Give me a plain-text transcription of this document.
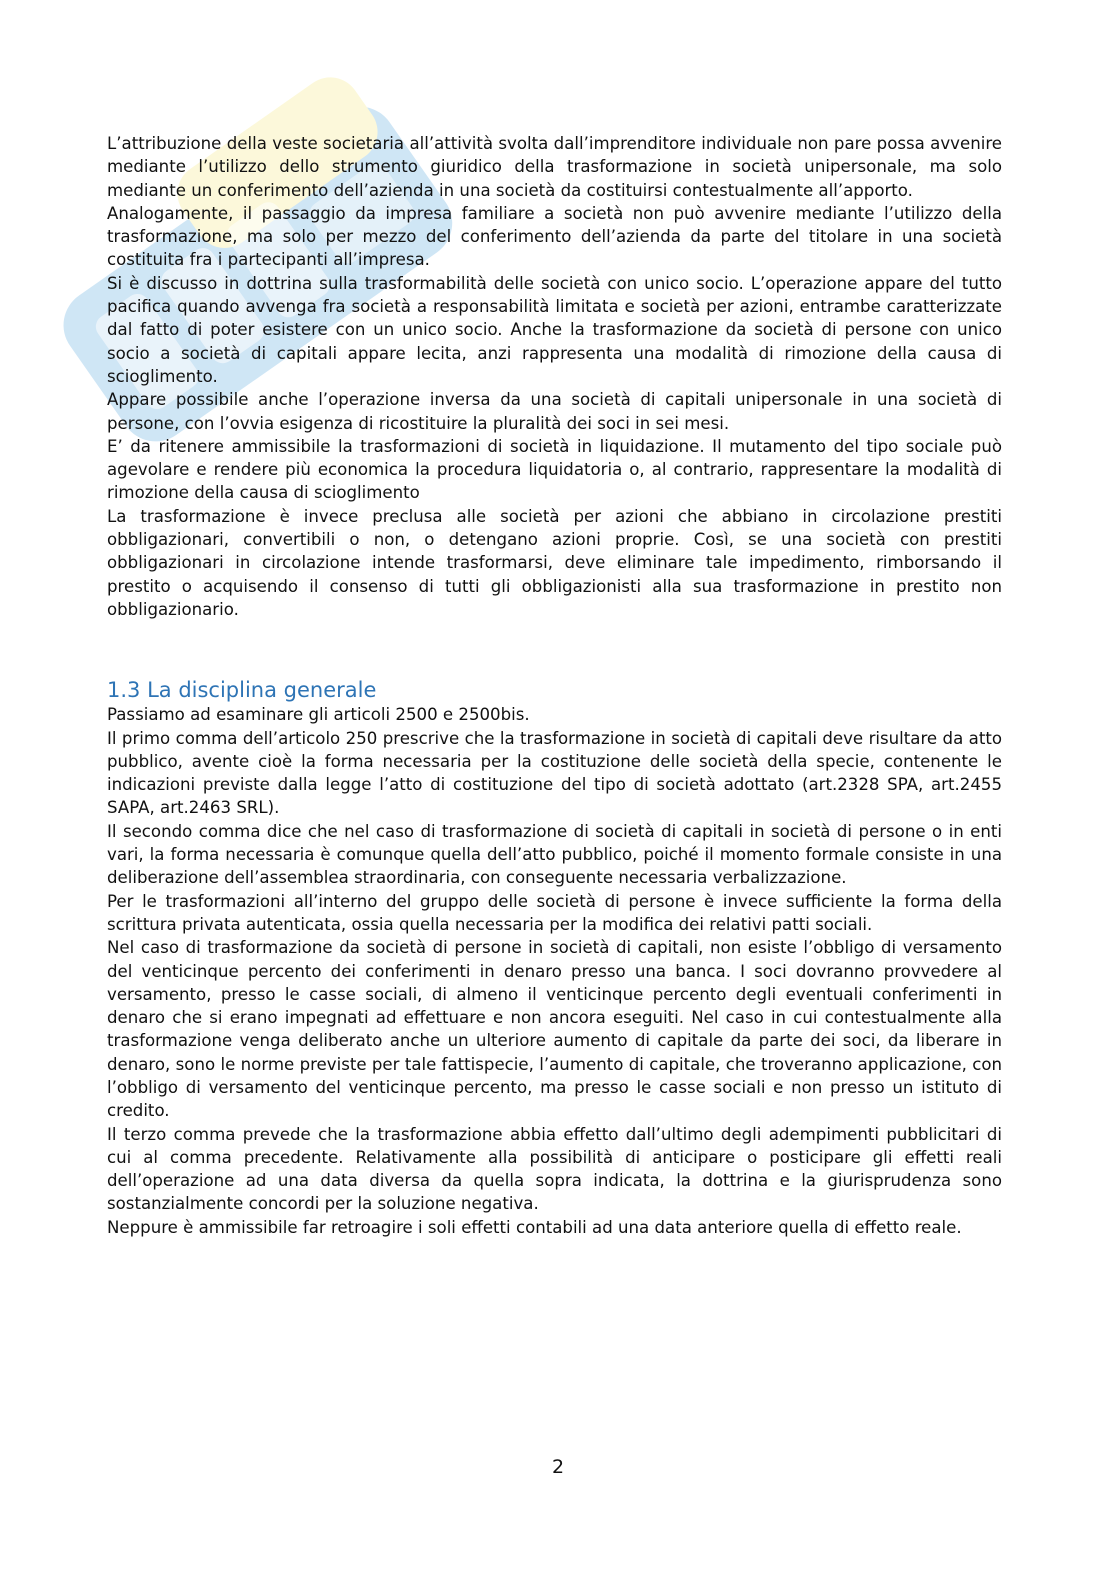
L’attribuzione della veste societaria all’attività svolta dall’imprenditore individuale non pare possa avvenire mediante l’utilizzo dello strumento giuridico della trasformazione in società unipersonale, ma solo mediante un conferimento dell’azienda in una società da costituirsi contestualmente all’apporto.

Analogamente, il passaggio da impresa familiare a società non può avvenire mediante l’utilizzo della trasformazione, ma solo per mezzo del conferimento dell’azienda da parte del titolare in una società costituita fra i partecipanti all’impresa.

Si è discusso in dottrina sulla trasformabilità delle società con unico socio. L’operazione appare del tutto pacifica quando avvenga fra società a responsabilità limitata e società per azioni, entrambe caratterizzate dal fatto di poter esistere con un unico socio. Anche la trasformazione da società di persone con unico socio a società di capitali appare lecita, anzi rappresenta una modalità di rimozione della causa di scioglimento.

Appare possibile anche l’operazione inversa da una società di capitali unipersonale in una società di persone, con l’ovvia esigenza di ricostituire la pluralità dei soci in sei mesi.

E’ da ritenere ammissibile la trasformazioni di società in liquidazione. Il mutamento del tipo sociale può agevolare e rendere più economica la procedura liquidatoria o, al contrario, rappresentare la modalità di rimozione della causa di scioglimento

La trasformazione è invece preclusa alle società per azioni che abbiano in circolazione prestiti obbligazionari, convertibili o non, o detengano azioni proprie. Così, se una società con prestiti obbligazionari in circolazione intende trasformarsi, deve eliminare tale impedimento, rimborsando il prestito o acquisendo il consenso di tutti gli obbligazionisti alla sua trasformazione in prestito non obbligazionario.

1.3 La disciplina generale

Passiamo ad esaminare gli articoli 2500 e 2500bis.

Il primo comma dell’articolo 250 prescrive che la trasformazione in società di capitali deve risultare da atto pubblico, avente cioè la forma necessaria per la costituzione delle società della specie, contenente le indicazioni previste dalla legge l’atto di costituzione del tipo di società adottato (art.2328 SPA, art.2455 SAPA, art.2463 SRL).

Il secondo comma dice che nel caso di trasformazione di società di capitali in società di persone o in enti vari, la forma necessaria è comunque quella dell’atto pubblico, poiché il momento formale consiste in una deliberazione dell’assemblea straordinaria, con conseguente necessaria verbalizzazione.

Per le trasformazioni all’interno del gruppo delle società di persone è invece sufficiente la forma della scrittura privata autenticata, ossia quella necessaria per la modifica dei relativi patti sociali.

Nel caso di trasformazione da società di persone in società di capitali, non esiste l’obbligo di versamento del venticinque percento dei conferimenti in denaro presso una banca. I soci dovranno provvedere al versamento, presso le casse sociali, di almeno il venticinque percento degli eventuali conferimenti in denaro che si erano impegnati ad effettuare e non ancora eseguiti. Nel caso in cui contestualmente alla trasformazione venga deliberato anche un ulteriore aumento di capitale da parte dei soci, da liberare in denaro, sono le norme previste per tale fattispecie, l’aumento di capitale, che troveranno applicazione, con l’obbligo di versamento del venticinque percento, ma presso le casse sociali e non presso un istituto di credito.

Il terzo comma prevede che la trasformazione abbia effetto dall’ultimo degli adempimenti pubblicitari di cui al comma precedente. Relativamente alla possibilità di anticipare o posticipare gli effetti reali dell’operazione ad una data diversa da quella sopra indicata, la dottrina e la giurisprudenza sono sostanzialmente concordi per la soluzione negativa.

Neppure è ammissibile far retroagire i soli effetti contabili ad una data anteriore quella di effetto reale.

2
